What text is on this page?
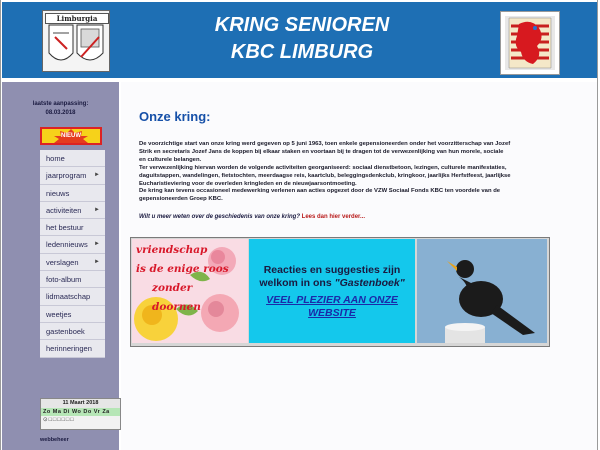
Limburgia	KRING SENIOREN
KBC LIMBURG
laatste aanpassing:
08.03.2018
NIEUW
home
jaarprogram ►
nieuws
activiteiten ►
het bestuur
ledennieuws ►
verslagen	►
foto-album
lidmaatschap
weetjes
gastenboek
herinneringen
11 Maart 2018
Zo Ma Di Wo Do Vr Za
⊙□□□□□□
webbeheer
Onze kring:

De voorzichtige start van onze kring werd gegeven op 5 juni 1963, toen enkele gepensioneerden onder het voorzitterschap van Jozef Strik en secretaris Jozef Jans de koppen bij elkaar staken en voortaan bij te dragen tot de verwezenlijking van hun morele, sociale en culturele belangen.

Ter verwezenlijking hiervan worden de volgende activiteiten georganiseerd: sociaal dienstbetoon, lezingen, culturele manifestaties, daguitstappen, wandelingen, fietstochten, meerdaagse reis, kaartclub, beleggingsdenkclub, kringkoor, jaarlijks Herfstfeest, jaarlijkse Eucharistieviering voor de overleden kringleden en de nieuwjaarsontmoeting.

De kring kan tevens occasioneel medewerking verlenen aan acties opgezet door de VZW Sociaal Fonds KBC ten voordele van de gepensioneerden Groep KBC.

Wilt u meer weten over de geschiedenis van onze kring? Lees dan hier verder...
vriendschap
is de enige roos
zonder doornen
Reacties en suggesties zijn
welkom in ons "Gastenboek"
VEEL PLEZIER AAN ONZE
WEBSITE
